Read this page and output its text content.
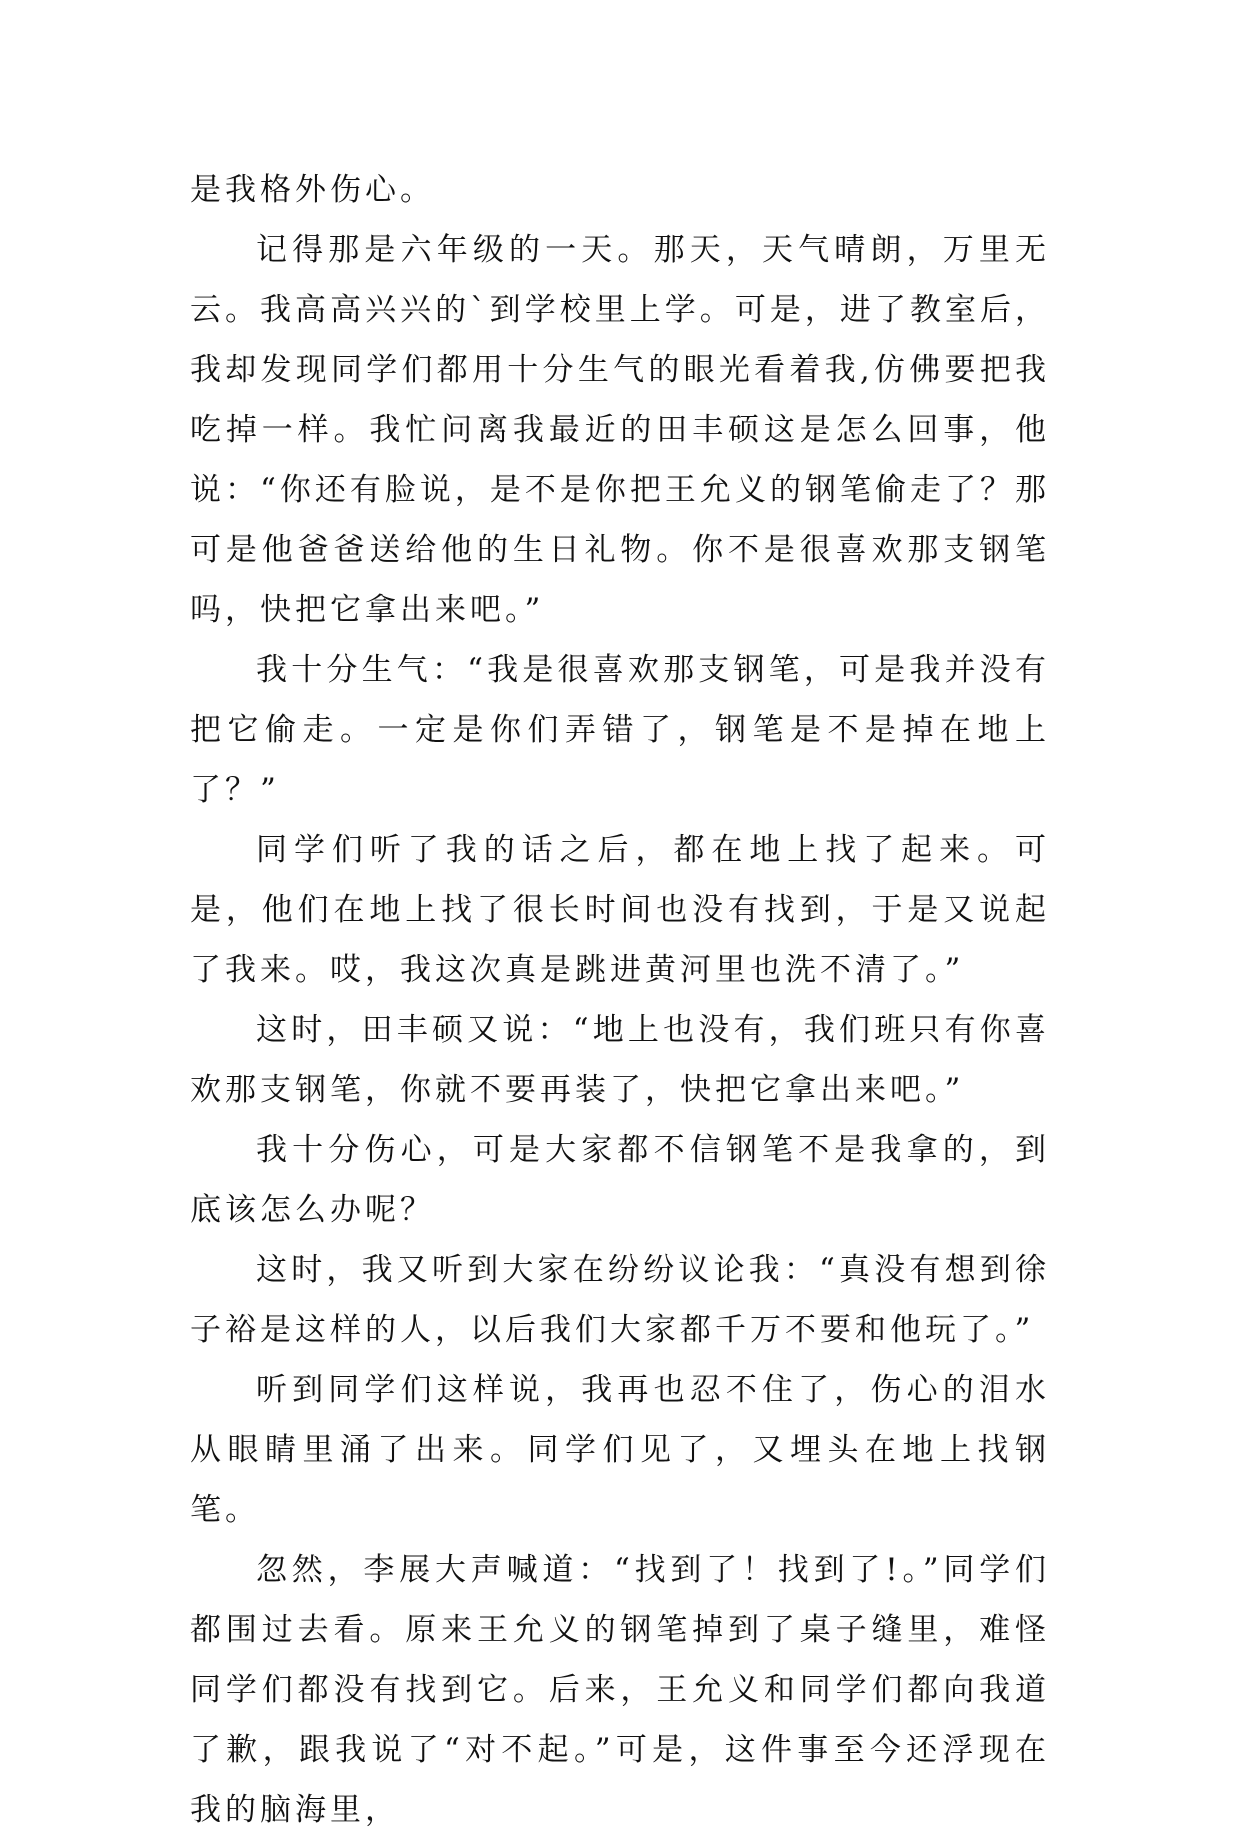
是我格外伤心。

记得那是六年级的一天。那天，天气晴朗，万里无云。我高高兴兴的`到学校里上学。可是，进了教室后，我却发现同学们都用十分生气的眼光看着我,仿佛要把我吃掉一样。我忙问离我最近的田丰硕这是怎么回事，他说：“你还有脸说，是不是你把王允义的钢笔偷走了？那可是他爸爸送给他的生日礼物。你不是很喜欢那支钢笔吗，快把它拿出来吧。”

我十分生气：“我是很喜欢那支钢笔，可是我并没有把它偷走。一定是你们弄错了，钢笔是不是掉在地上了？”

同学们听了我的话之后，都在地上找了起来。可是，他们在地上找了很长时间也没有找到，于是又说起了我来。哎，我这次真是跳进黄河里也洗不清了。”

这时，田丰硕又说：“地上也没有，我们班只有你喜欢那支钢笔，你就不要再装了，快把它拿出来吧。”

我十分伤心，可是大家都不信钢笔不是我拿的，到底该怎么办呢？

这时，我又听到大家在纷纷议论我：“真没有想到徐子裕是这样的人，以后我们大家都千万不要和他玩了。”

听到同学们这样说，我再也忍不住了，伤心的泪水从眼睛里涌了出来。同学们见了，又埋头在地上找钢笔。

忽然，李展大声喊道：“找到了！找到了!。”同学们都围过去看。原来王允义的钢笔掉到了桌子缝里，难怪同学们都没有找到它。后来，王允义和同学们都向我道了歉，跟我说了“对不起。”可是，这件事至今还浮现在我的脑海里，
